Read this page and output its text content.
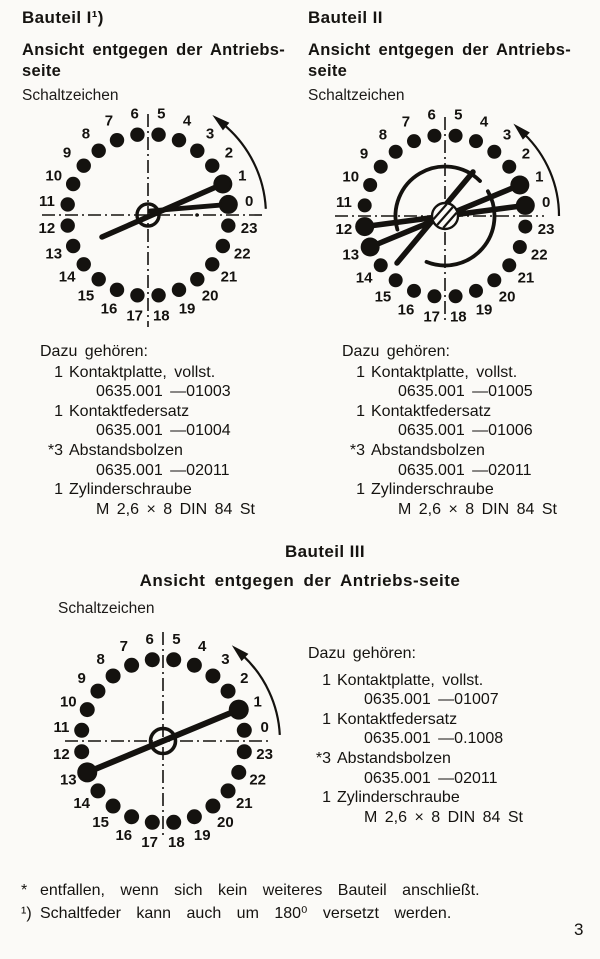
Bauteil I¹)
Ansicht entgegen der Antriebs-
seite
Schaltzeichen
Bauteil II
Ansicht entgegen der Antriebs-
seite
Schaltzeichen
0
1
2
3
4
5
6
7
8
9
10
11
12
13
14
15
16 17 18 19
20
21
22
23
0
1
2
3
4
5
6
7
8
9
10
11
12
13
14
15
16 17 18 19
20
21
22
23
0
1
2
3
4
5
6
7
8
9
10
11
12
13
14
15
16 17 18 19
20
21
22
23
Dazu gehören:
1 Kontaktplatte, vollst.
0635.001 —01003
1 Kontaktfedersatz
0635.001 —01004
*3 Abstandsbolzen
0635.001 —02011
1 Zylinderschraube
M 2,6 × 8 DIN 84 St
Dazu gehören:
1 Kontaktplatte, vollst.
0635.001 —01005
1 Kontaktfedersatz
0635.001 —01006
*3 Abstandsbolzen
0635.001 —02011
1 Zylinderschraube
M 2,6 × 8 DIN 84 St
Dazu gehören:
1 Kontaktplatte, vollst.
0635.001 —01007
1 Kontaktfedersatz
0635.001 —0.1008
*3 Abstandsbolzen
0635.001 —02011
1 Zylinderschraube
M 2,6 × 8 DIN 84 St
Bauteil III
Ansicht entgegen der Antriebs-seite
Schaltzeichen
* entfallen, wenn sich kein weiteres Bauteil anschließt.
¹) Schaltfeder kann auch um 180⁰ versetzt werden.
3
